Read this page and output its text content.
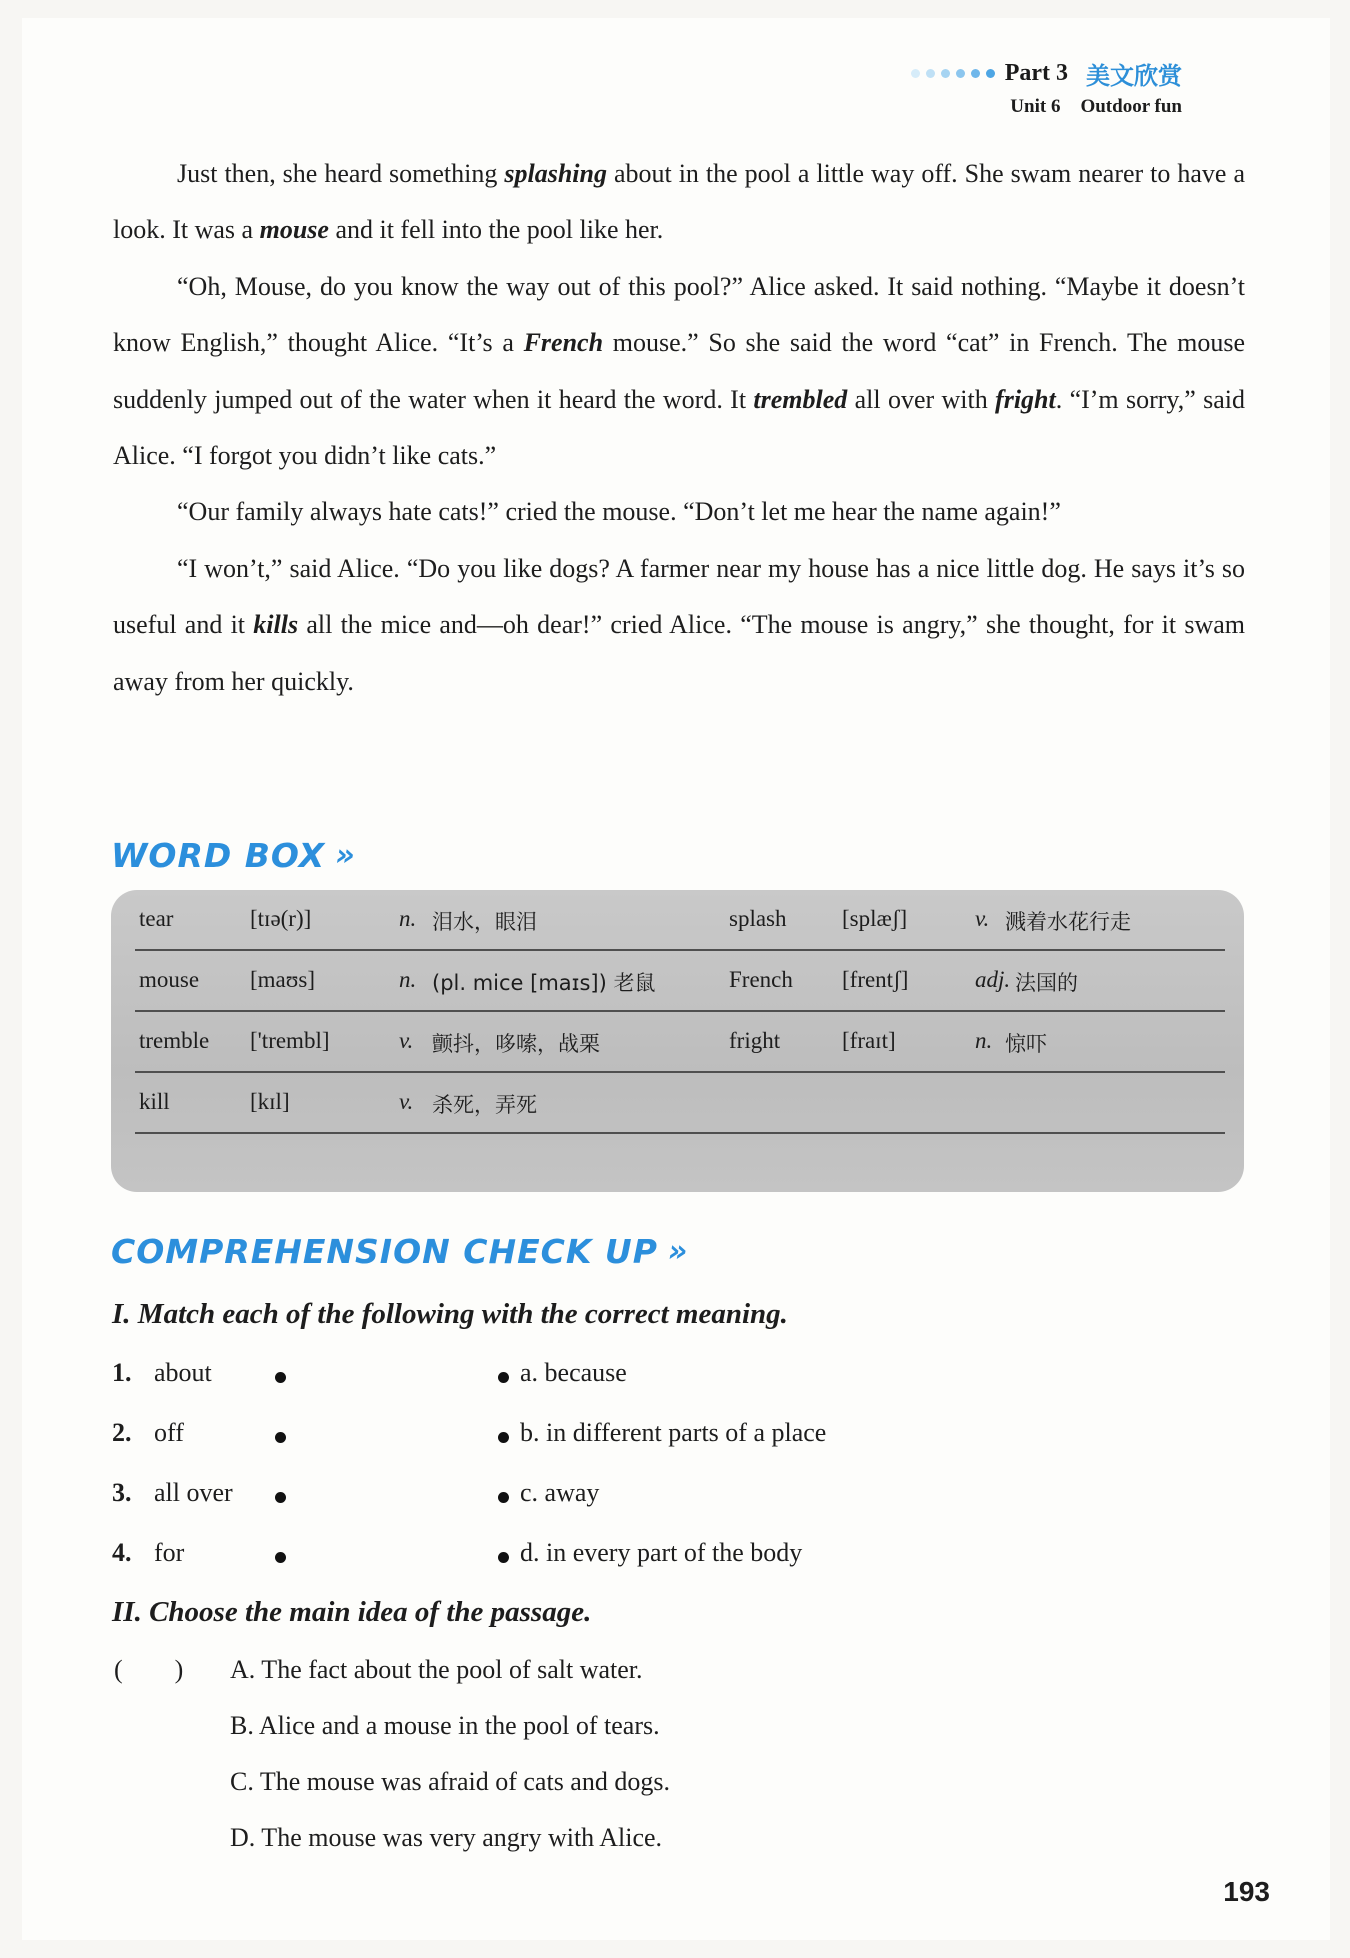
Part 3 美文欣赏
Unit 6 Outdoor fun

Just then, she heard something splashing about in the pool a little way off. She swam nearer to have a look. It was a mouse and it fell into the pool like her.

“Oh, Mouse, do you know the way out of this pool?” Alice asked. It said nothing. “Maybe it doesn’t know English,” thought Alice. “It’s a French mouse.” So she said the word “cat” in French. The mouse suddenly jumped out of the water when it heard the word. It trembled all over with fright. “I’m sorry,” said Alice. “I forgot you didn’t like cats.”

“Our family always hate cats!” cried the mouse. “Don’t let me hear the name again!”

“I won’t,” said Alice. “Do you like dogs? A farmer near my house has a nice little dog. He says it’s so useful and it kills all the mice and—oh dear!” cried Alice. “The mouse is angry,” she thought, for it swam away from her quickly.

WORD BOX »
tear	[tɪə(r)]	n. 泪水，眼泪	splash [splæʃ]	v. 溅着水花行走
mouse [maʊs]	n. (pl. mice [maɪs]) 老鼠	French [frentʃ]	adj. 法国的
tremble ['trembl]	v. 颤抖，哆嗦，战栗	fright	[fraɪt]	n. 惊吓
kill	[kɪl]	v. 杀死，弄死
COMPREHENSION CHECK UP »
I. Match each of the following with the correct meaning.
1. about	a. because
2. off	b. in different parts of a place
3. all over	c. away
4. for	d. in every part of the body
II. Choose the main idea of the passage.
(        ) A. The fact about the pool of salt water.
B. Alice and a mouse in the pool of tears.
C. The mouse was afraid of cats and dogs.
D. The mouse was very angry with Alice.
193
